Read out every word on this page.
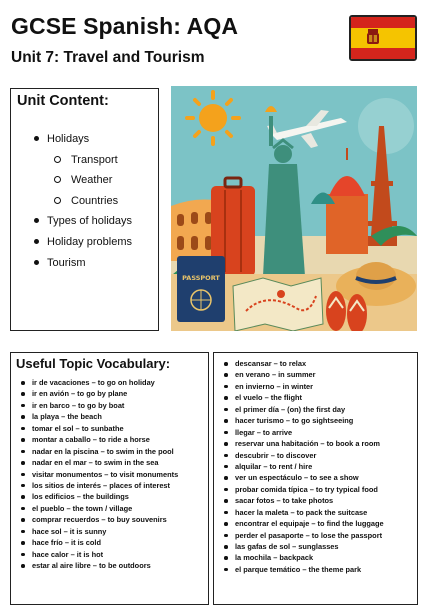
GCSE Spanish: AQA
Unit 7: Travel and Tourism
Unit Content:
Holidays
Transport
Weather
Countries
Types of holidays
Holiday problems
Tourism
PASSPORT
Useful Topic Vocabulary:
ir de vacaciones – to go on holiday
ir en avión – to go by plane
ir en barco – to go by boat
la playa – the beach
tomar el sol – to sunbathe
montar a caballo – to ride a horse
nadar en la piscina – to swim in the pool
nadar en el mar – to swim in the sea
visitar monumentos – to visit monuments
los sitios de interés – places of interest
los edificios – the buildings
el pueblo – the town / village
comprar recuerdos – to buy souvenirs
hace sol – it is sunny
hace frío – it is cold
hace calor – it is hot
estar al aire libre – to be outdoors
descansar – to relax
en verano – in summer
en invierno – in winter
el vuelo – the flight
el primer día – (on) the first day
hacer turismo – to go sightseeing
llegar – to arrive
reservar una habitación – to book a room
descubrir – to discover
alquilar – to rent / hire
ver un espectáculo – to see a show
probar comida típica – to try typical food
sacar fotos – to take photos
hacer la maleta – to pack the suitcase
encontrar el equipaje – to find the luggage
perder el pasaporte – to lose the passport
las gafas de sol – sunglasses
la mochila – backpack
el parque temático – the theme park
